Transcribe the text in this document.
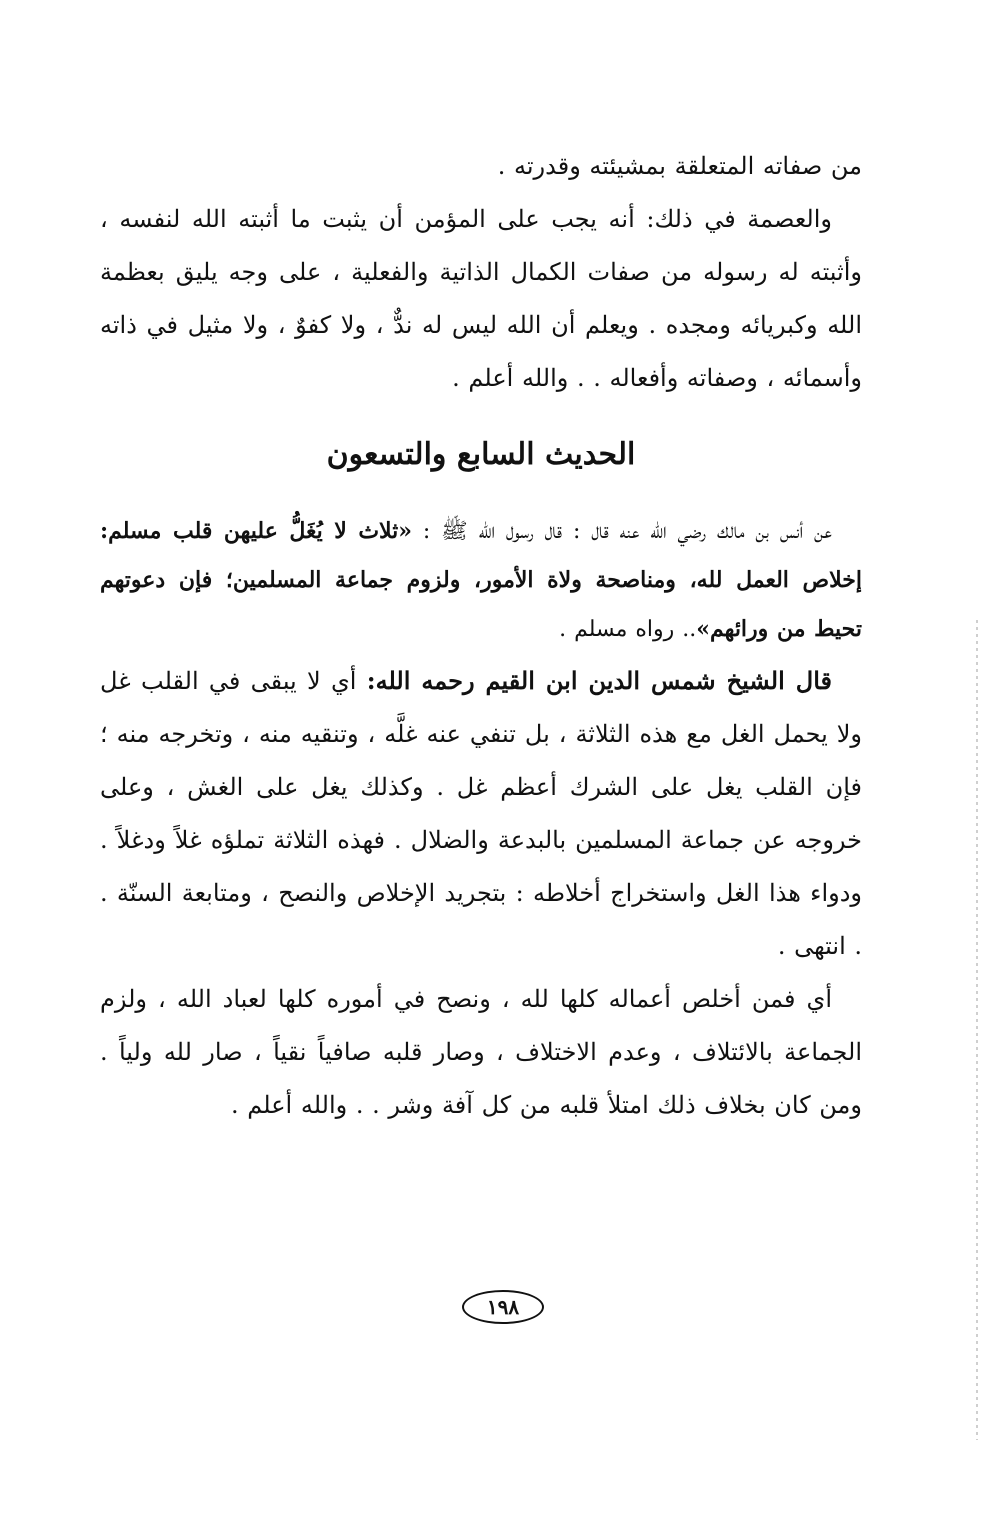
من صفاته المتعلقة بمشيئته وقدرته .

والعصمة في ذلك: أنه يجب على المؤمن أن يثبت ما أثبته الله لنفسه ، وأثبته له رسوله من صفات الكمال الذاتية والفعلية ، على وجه يليق بعظمة الله وكبريائه ومجده . ويعلم أن الله ليس له ندٌّ ، ولا كفوٌ ، ولا مثيل في ذاته وأسمائه ، وصفاته وأفعاله . . والله أعلم .

الحديث السابع والتسعون

عن أنس بن مالك رضي الله عنه قال : قال رسول الله ﷺ : «ثلاث لا يُغَلُّ عليهن قلب مسلم: إخلاص العمل لله، ومناصحة ولاة الأمور، ولزوم جماعة المسلمين؛ فإن دعوتهم تحيط من ورائهم».. رواه مسلم .

قال الشيخ شمس الدين ابن القيم رحمه الله: أي لا يبقى في القلب غل ولا يحمل الغل مع هذه الثلاثة ، بل تنفي عنه غلَّه ، وتنقيه منه ، وتخرجه منه ؛ فإن القلب يغل على الشرك أعظم غل . وكذلك يغل على الغش ، وعلى خروجه عن جماعة المسلمين بالبدعة والضلال . فهذه الثلاثة تملؤه غلاً ودغلاً . ودواء هذا الغل واستخراج أخلاطه : بتجريد الإخلاص والنصح ، ومتابعة السنّة . . انتهى .

أي فمن أخلص أعماله كلها لله ، ونصح في أموره كلها لعباد الله ، ولزم الجماعة بالائتلاف ، وعدم الاختلاف ، وصار قلبه صافياً نقياً ، صار لله ولياً . ومن كان بخلاف ذلك امتلأ قلبه من كل آفة وشر . . والله أعلم .

١٩٨
